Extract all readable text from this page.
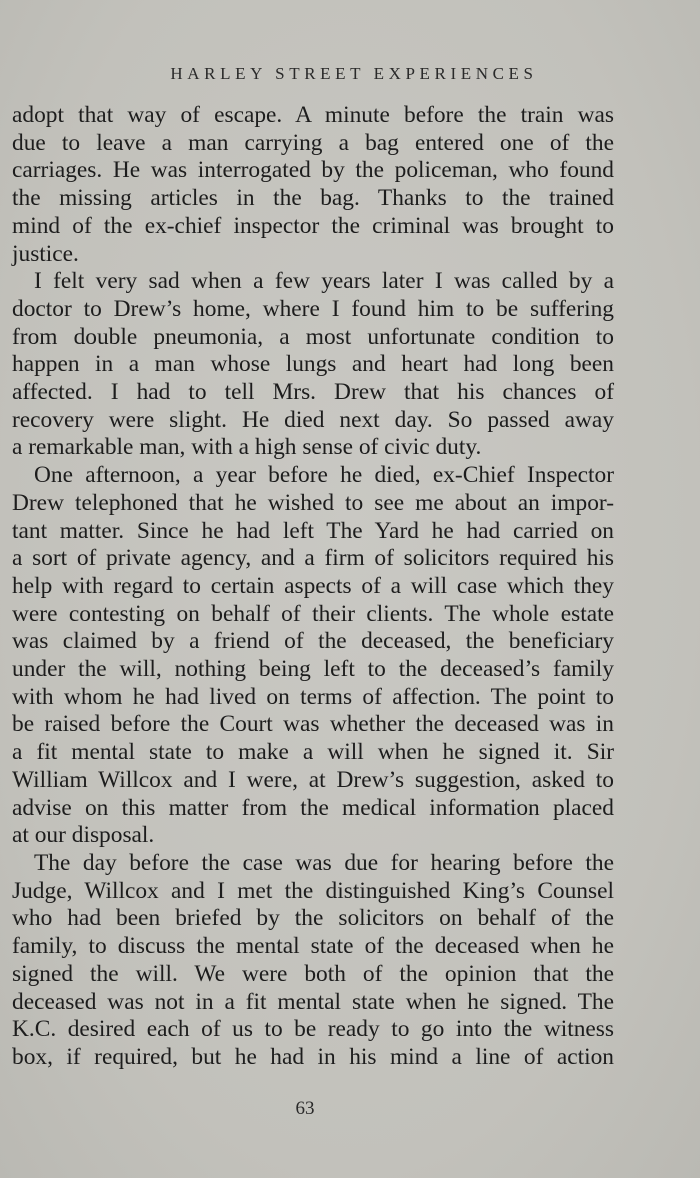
HARLEY STREET EXPERIENCES
adopt that way of escape. A minute before the train was
due to leave a man carrying a bag entered one of the
carriages. He was interrogated by the policeman, who found
the missing articles in the bag. Thanks to the trained
mind of the ex-chief inspector the criminal was brought to
justice.
I felt very sad when a few years later I was called by a
doctor to Drew’s home, where I found him to be suffering
from double pneumonia, a most unfortunate condition to
happen in a man whose lungs and heart had long been
affected. I had to tell Mrs. Drew that his chances of
recovery were slight. He died next day. So passed away
a remarkable man, with a high sense of civic duty.
One afternoon, a year before he died, ex-Chief Inspector
Drew telephoned that he wished to see me about an impor-
tant matter. Since he had left The Yard he had carried on
a sort of private agency, and a firm of solicitors required his
help with regard to certain aspects of a will case which they
were contesting on behalf of their clients. The whole estate
was claimed by a friend of the deceased, the beneficiary
under the will, nothing being left to the deceased’s family
with whom he had lived on terms of affection. The point to
be raised before the Court was whether the deceased was in
a fit mental state to make a will when he signed it. Sir
William Willcox and I were, at Drew’s suggestion, asked to
advise on this matter from the medical information placed
at our disposal.
The day before the case was due for hearing before the
Judge, Willcox and I met the distinguished King’s Counsel
who had been briefed by the solicitors on behalf of the
family, to discuss the mental state of the deceased when he
signed the will. We were both of the opinion that the
deceased was not in a fit mental state when he signed. The
K.C. desired each of us to be ready to go into the witness
box, if required, but he had in his mind a line of action
63
